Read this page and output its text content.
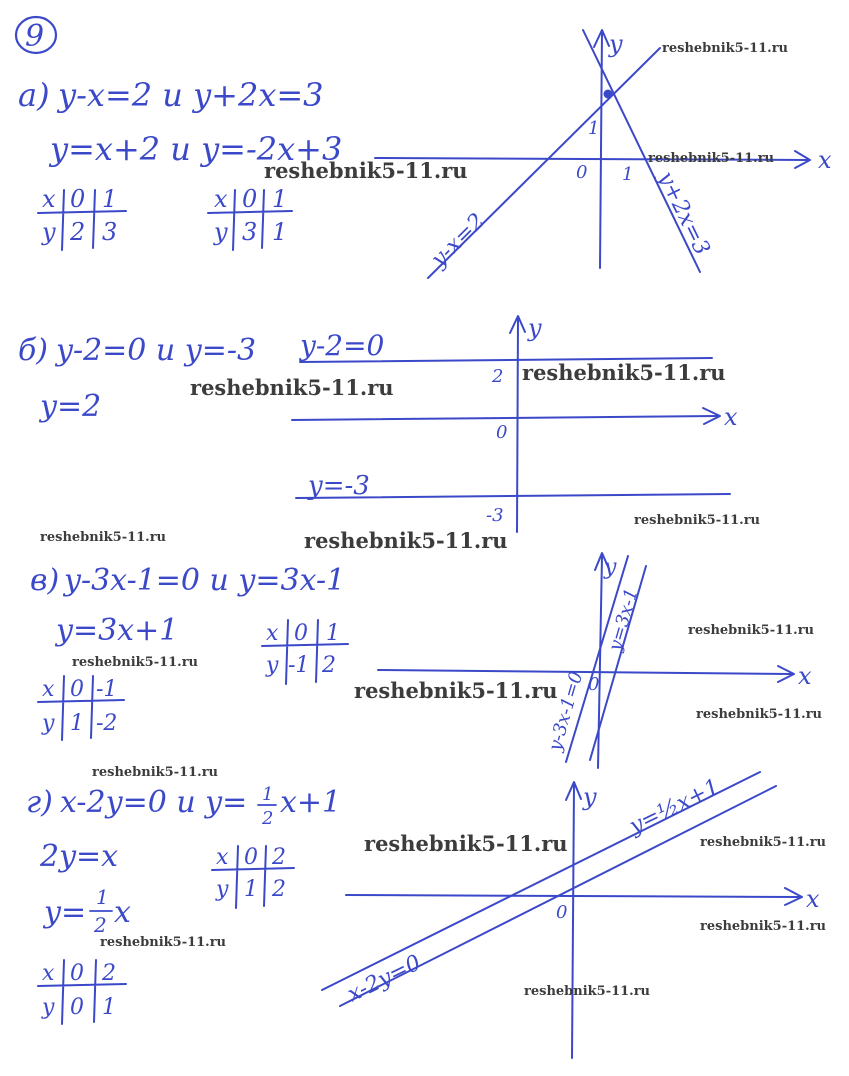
9
а) y-x=2 и y+2x=3
y=x+2 и y=-2x+3
x 0 1
y 2 3
x 0 1
y 3 1
x
y
0
1
1
y-x=2	y+2x=3
б) y-2=0 и y=-3
y=2	x
y
2
-3
0
y-2=0
y=-3
в) y-3x-1=0 и y=3x-1
y=3x+1
x 0 -1
y 1 -2
x 0 1
y -1 2	x
y
0
y-3x-1=0
y=3x-1
г) x-2y=0 и y= 1
2 x+1
2y=x
y= 1
2 x
x 0 2
y 0 1
x 0 2
y 1 2	x
y
0
x-2y=0
y=½x+1
reshebnik5-11.ru
reshebnik5-11.ru	reshebnik5-11.ru
reshebnik5-11.ru
reshebnik5-11.ru
reshebnik5-11.ru	reshebnik5-11.ru
reshebnik5-11.ru
reshebnik5-11.ru
reshebnik5-11.ru
reshebnik5-11.ru
reshebnik5-11.ru
reshebnik5-11.ru
reshebnik5-11.ru	reshebnik5-11.ru
reshebnik5-11.ru
reshebnik5-11.ru
reshebnik5-11.ru
